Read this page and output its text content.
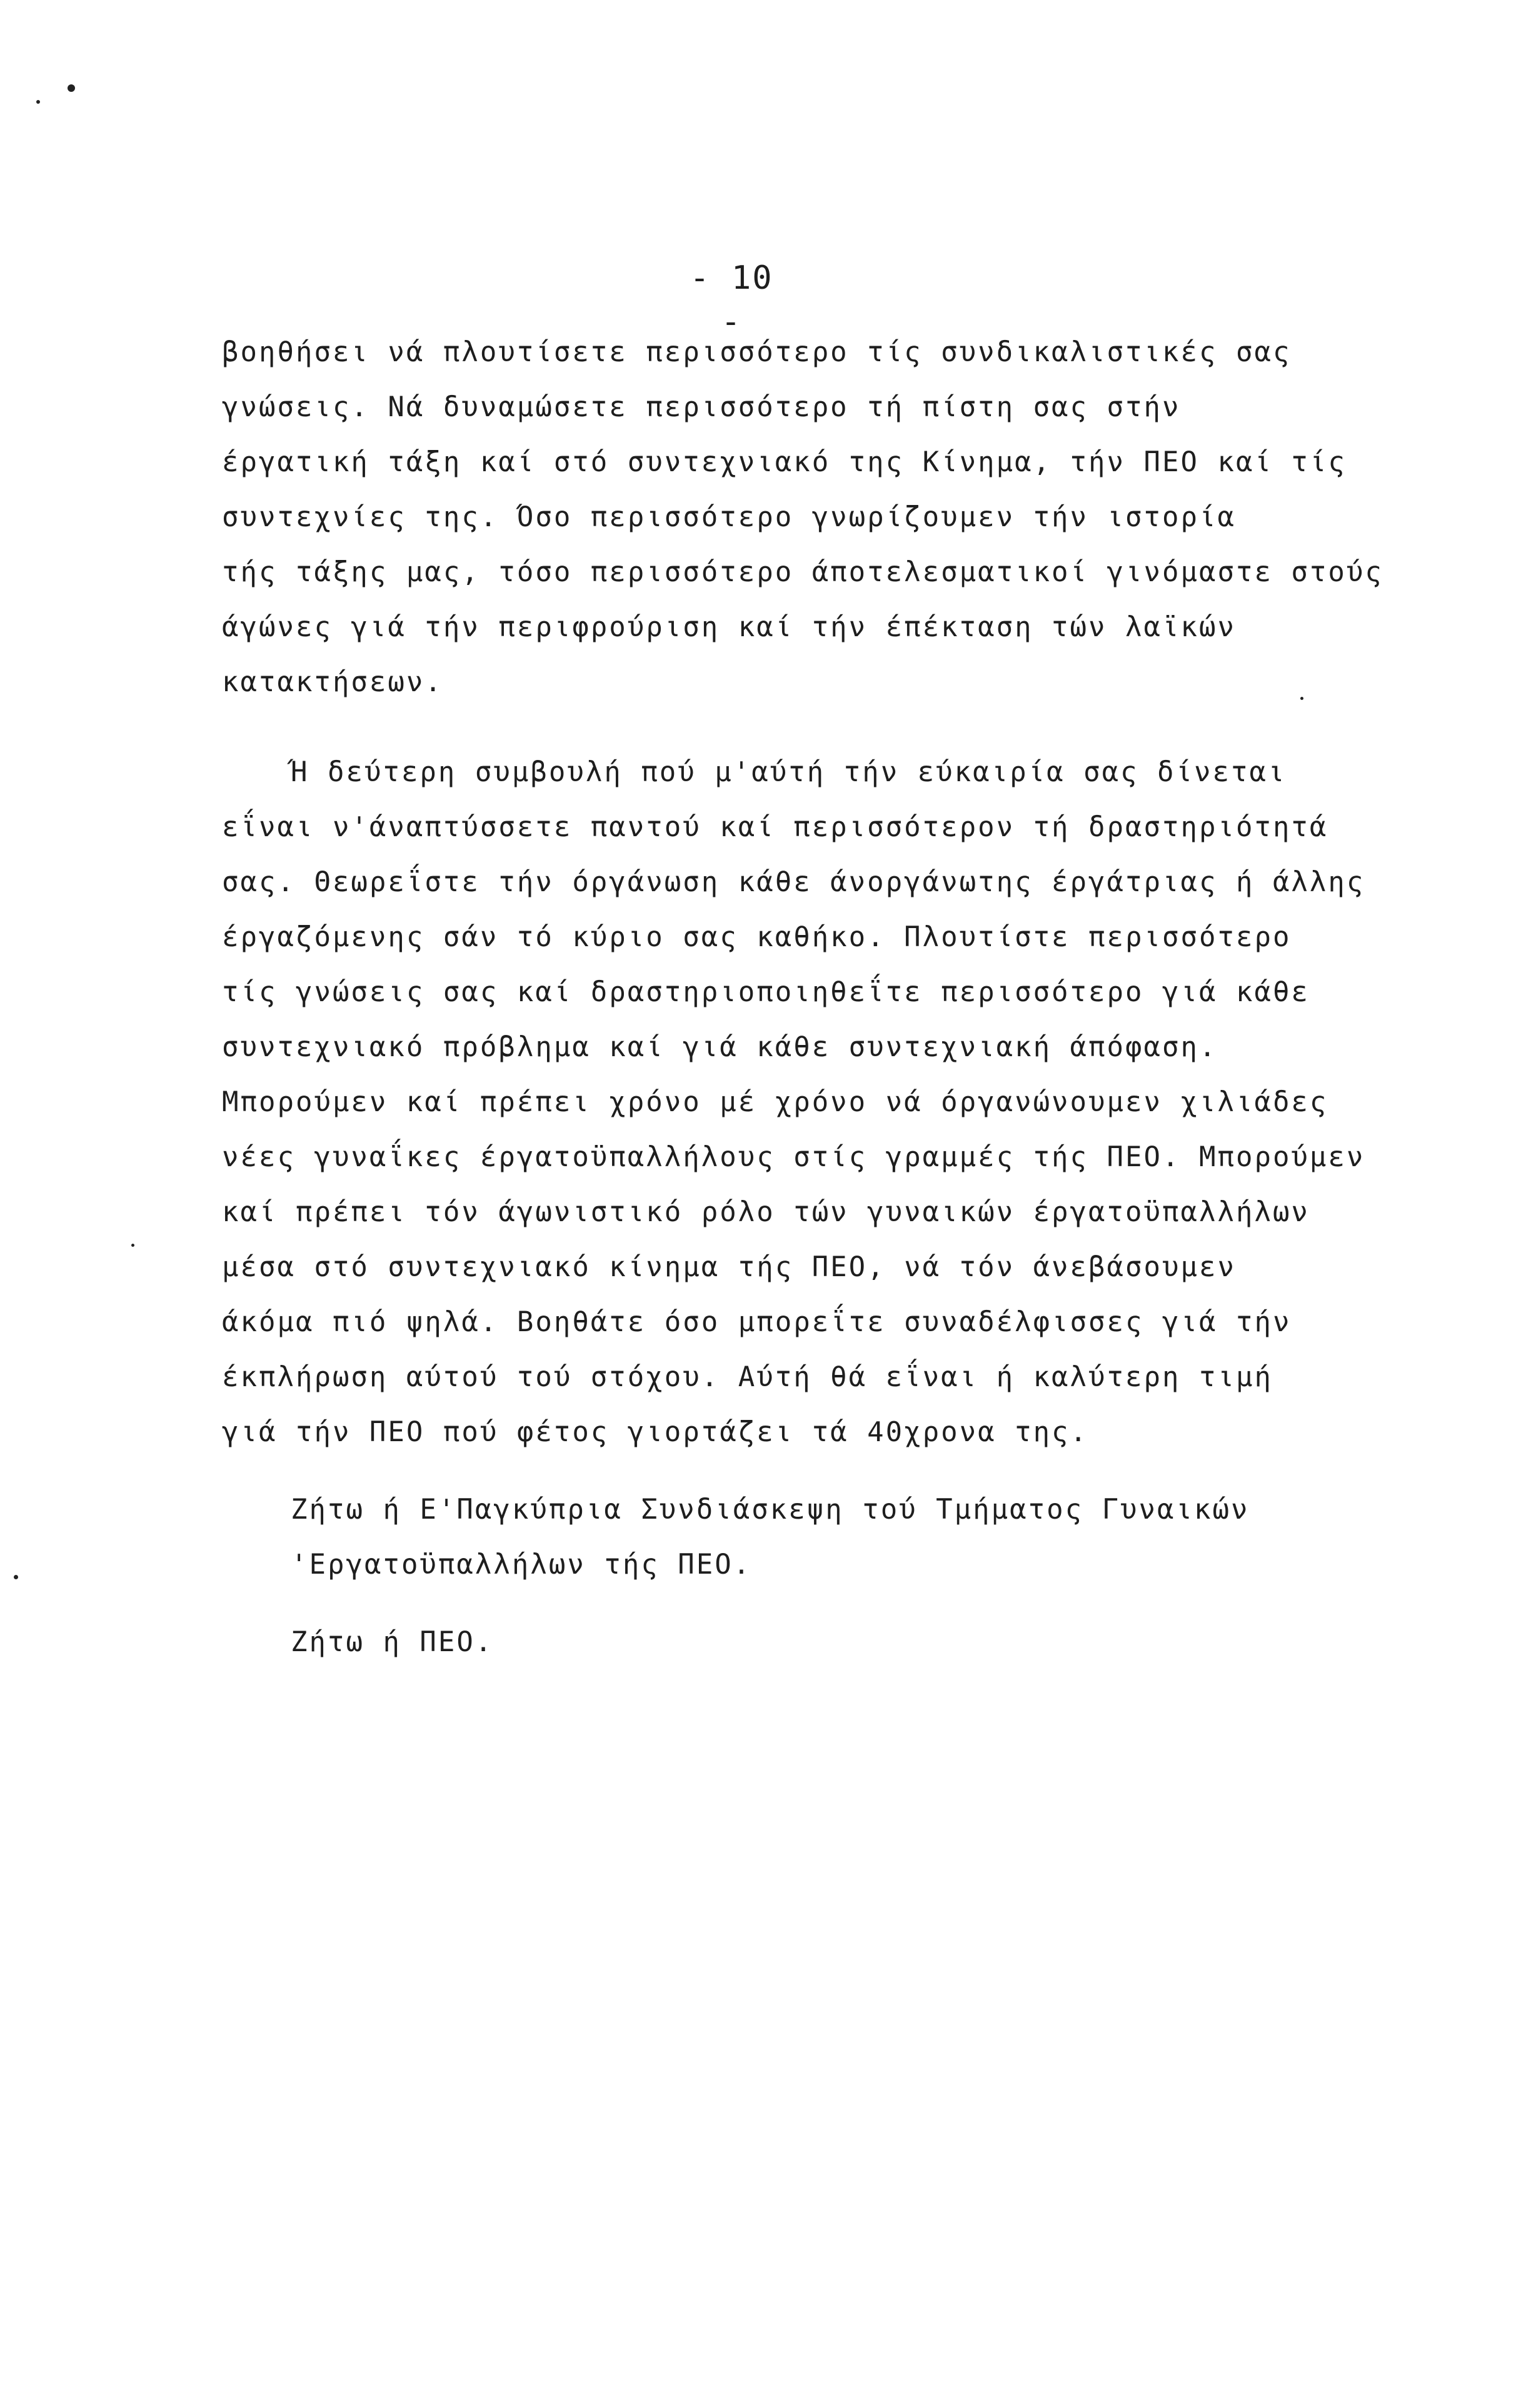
- 10 -
βοηθήσει νά πλουτίσετε περισσότερο τίς συνδικαλιστικές σας
γνώσεις. Νά δυναμώσετε περισσότερο τή πίστη σας στήν
έργατική τάξη καί στό συντεχνιακό της Κίνημα, τήν ΠΕΟ καί τίς
συντεχνίες της. Όσο περισσότερο γνωρίζουμεν τήν ιστορία
τής τάξης μας, τόσο περισσότερο άποτελεσματικοί γινόμαστε στούς
άγώνες γιά τήν περιφρούριση καί τήν έπέκταση τών λαϊκών
κατακτήσεων.
Ή δεύτερη συμβουλή πού μ'αύτή τήν εύκαιρία σας δίνεται
εΐναι ν'άναπτύσσετε παντού καί περισσότερον τή δραστηριότητά
σας. Θεωρεΐστε τήν όργάνωση κάθε άνοργάνωτης έργάτριας ή άλλης
έργαζόμενης σάν τό κύριο σας καθήκο. Πλουτίστε περισσότερο
τίς γνώσεις σας καί δραστηριοποιηθεΐτε περισσότερο γιά κάθε
συντεχνιακό πρόβλημα καί γιά κάθε συντεχνιακή άπόφαση.
Μπορούμεν καί πρέπει χρόνο μέ χρόνο νά όργανώνουμεν χιλιάδες
νέες γυναΐκες έργατοϋπαλλήλους στίς γραμμές τής ΠΕΟ. Μπορούμεν
καί πρέπει τόν άγωνιστικό ρόλο τών γυναικών έργατοϋπαλλήλων
μέσα στό συντεχνιακό κίνημα τής ΠΕΟ, νά τόν άνεβάσουμεν
άκόμα πιό ψηλά. Βοηθάτε όσο μπορεΐτε συναδέλφισσες γιά τήν
έκπλήρωση αύτού τού στόχου. Αύτή θά εΐναι ή καλύτερη τιμή
γιά τήν ΠΕΟ πού φέτος γιορτάζει τά 40χρονα της.
Ζήτω ή Ε'Παγκύπρια Συνδιάσκεψη τού Τμήματος Γυναικών
'Εργατοϋπαλλήλων τής ΠΕΟ.
Ζήτω ή ΠΕΟ.
